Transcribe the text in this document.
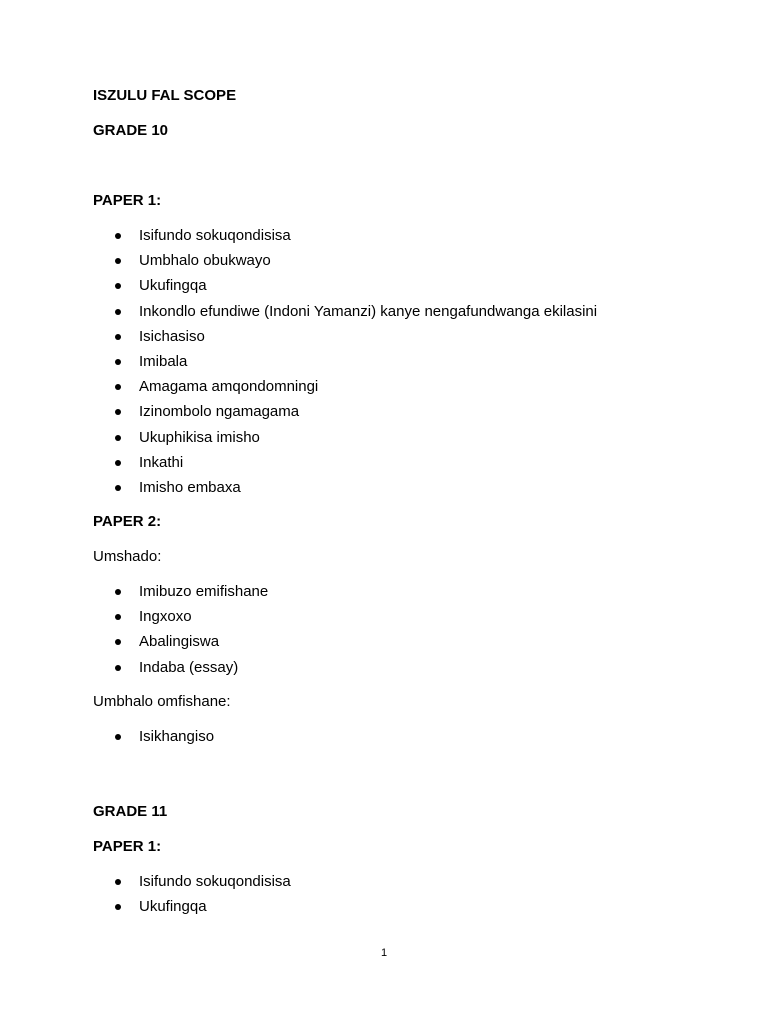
ISZULU FAL SCOPE

GRADE 10

PAPER 1:

Isifundo sokuqondisisa
Umbhalo obukwayo
Ukufingqa
Inkondlo efundiwe (Indoni Yamanzi) kanye nengafundwanga ekilasini
Isichasiso
Imibala
Amagama amqondomningi
Izinombolo ngamagama
Ukuphikisa imisho
Inkathi
Imisho embaxa

PAPER 2:

Umshado:

Imibuzo emifishane
Ingxoxo
Abalingiswa
Indaba (essay)

Umbhalo omfishane:

Isikhangiso

GRADE 11

PAPER 1:

Isifundo sokuqondisisa
Ukufingqa
1
